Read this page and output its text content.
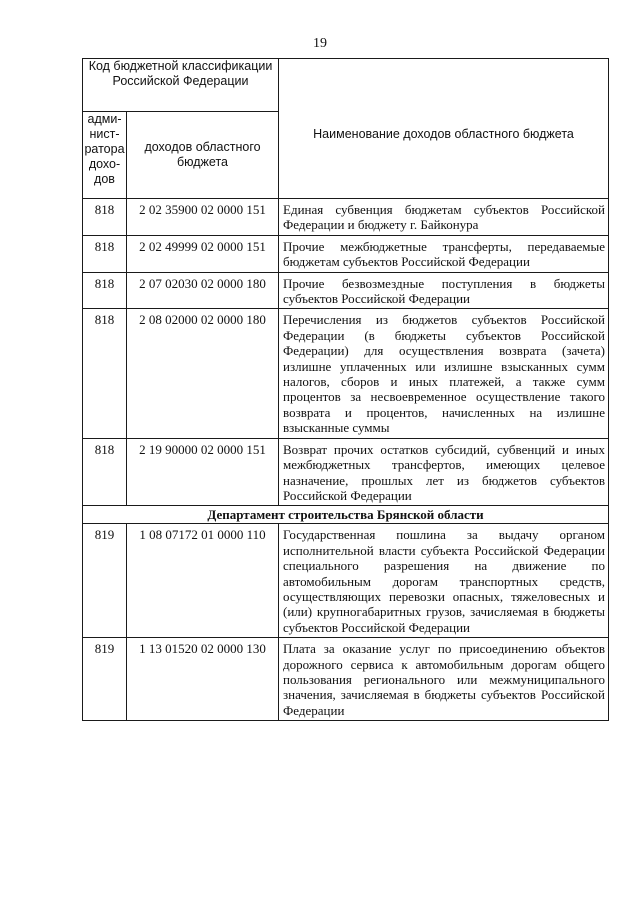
19
Код бюджетной классификации Российской Федерации		Наименование доходов областного бюджета
адми-нист-ратора дохо-дов	доходов областного бюджета	
818	2 02 35900 02 0000 151	Единая субвенция бюджетам субъектов Российской Федерации и бюджету г. Байконура
818	2 02 49999 02 0000 151	Прочие межбюджетные трансферты, передаваемые бюджетам субъектов Российской Федерации
818	2 07 02030 02 0000 180	Прочие безвозмездные поступления в бюджеты субъектов Российской Федерации
818	2 08 02000 02 0000 180	Перечисления из бюджетов субъектов Российской Федерации (в бюджеты субъектов Российской Федерации) для осуществления возврата (зачета) излишне уплаченных или излишне взысканных сумм налогов, сборов и иных платежей, а также сумм процентов за несвоевременное осуществление такого возврата и процентов, начисленных на излишне взысканные суммы
818	2 19 90000 02 0000 151	Возврат прочих остатков субсидий, субвенций и иных межбюджетных трансфертов, имеющих целевое назначение, прошлых лет из бюджетов субъектов Российской Федерации
Департамент строительства Брянской области		
819	1 08 07172 01 0000 110	Государственная пошлина за выдачу органом исполнительной власти субъекта Российской Федерации специального разрешения на движение по автомобильным дорогам транспортных средств, осуществляющих перевозки опасных, тяжеловесных и (или) крупногабаритных грузов, зачисляемая в бюджеты субъектов Российской Федерации
819	1 13 01520 02 0000 130	Плата за оказание услуг по присоединению объектов дорожного сервиса к автомобильным дорогам общего пользования регионального или межмуниципального значения, зачисляемая в бюджеты субъектов Российской Федерации
